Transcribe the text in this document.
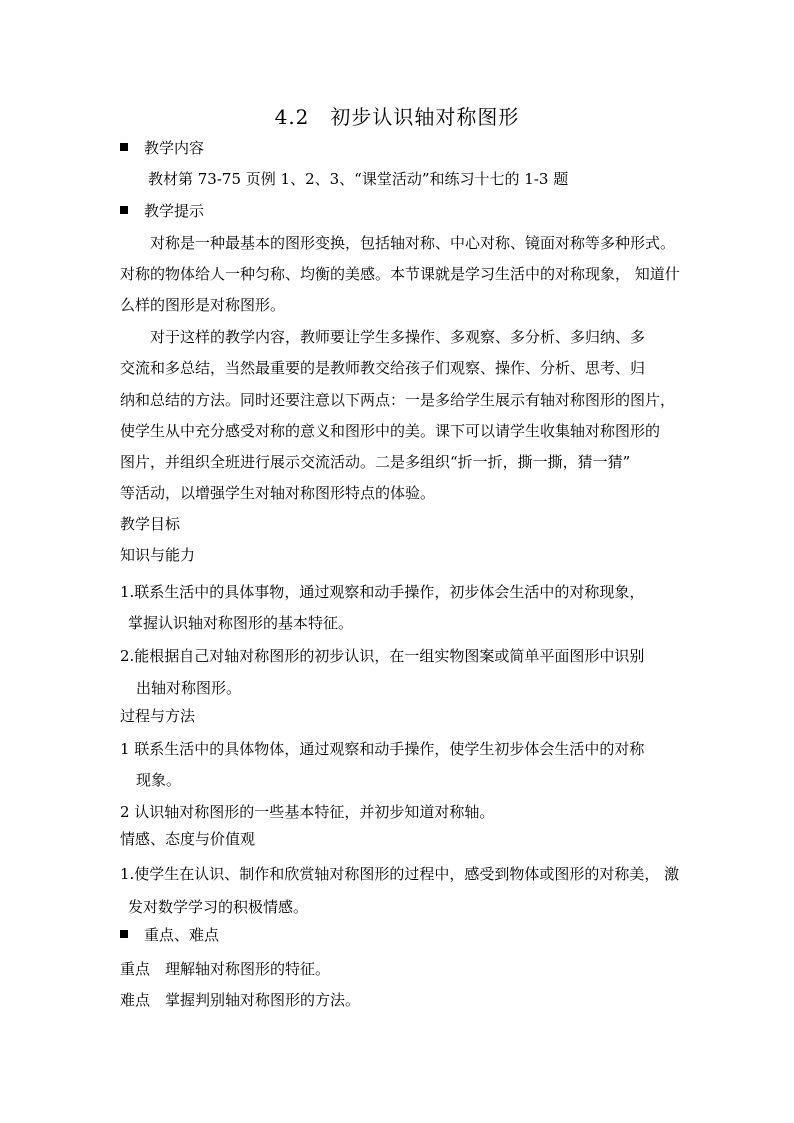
4.2　初步认识轴对称图形
教学内容
教材第 73-75 页例 1、2、3、“课堂活动”和练习十七的 1-3 题
教学提示
对称是一种最基本的图形变换，包括轴对称、中心对称、镜面对称等多种形式。
对称的物体给人一种匀称、均衡的美感。本节课就是学习生活中的对称现象， 知道什
么样的图形是对称图形。
对于这样的教学内容，教师要让学生多操作、多观察、多分析、多归纳、多
交流和多总结，当然最重要的是教师教交给孩子们观察、操作、分析、思考、归
纳和总结的方法。同时还要注意以下两点：一是多给学生展示有轴对称图形的图片，
使学生从中充分感受对称的意义和图形中的美。课下可以请学生收集轴对称图形的
图片，并组织全班进行展示交流活动。二是多组织“折一折，撕一撕，猜一猜”
等活动，以增强学生对轴对称图形特点的体验。
教学目标
知识与能力
1.联系生活中的具体事物，通过观察和动手操作，初步体会生活中的对称现象，
掌握认识轴对称图形的基本特征。
2.能根据自己对轴对称图形的初步认识，在一组实物图案或简单平面图形中识别
出轴对称图形。
过程与方法
1 联系生活中的具体物体，通过观察和动手操作，使学生初步体会生活中的对称
现象。
2 认识轴对称图形的一些基本特征，并初步知道对称轴。
情感、态度与价值观
1.使学生在认识、制作和欣赏轴对称图形的过程中，感受到物体或图形的对称美， 激
发对数学学习的积极情感。
重点、难点
重点　理解轴对称图形的特征。
难点　掌握判别轴对称图形的方法。
